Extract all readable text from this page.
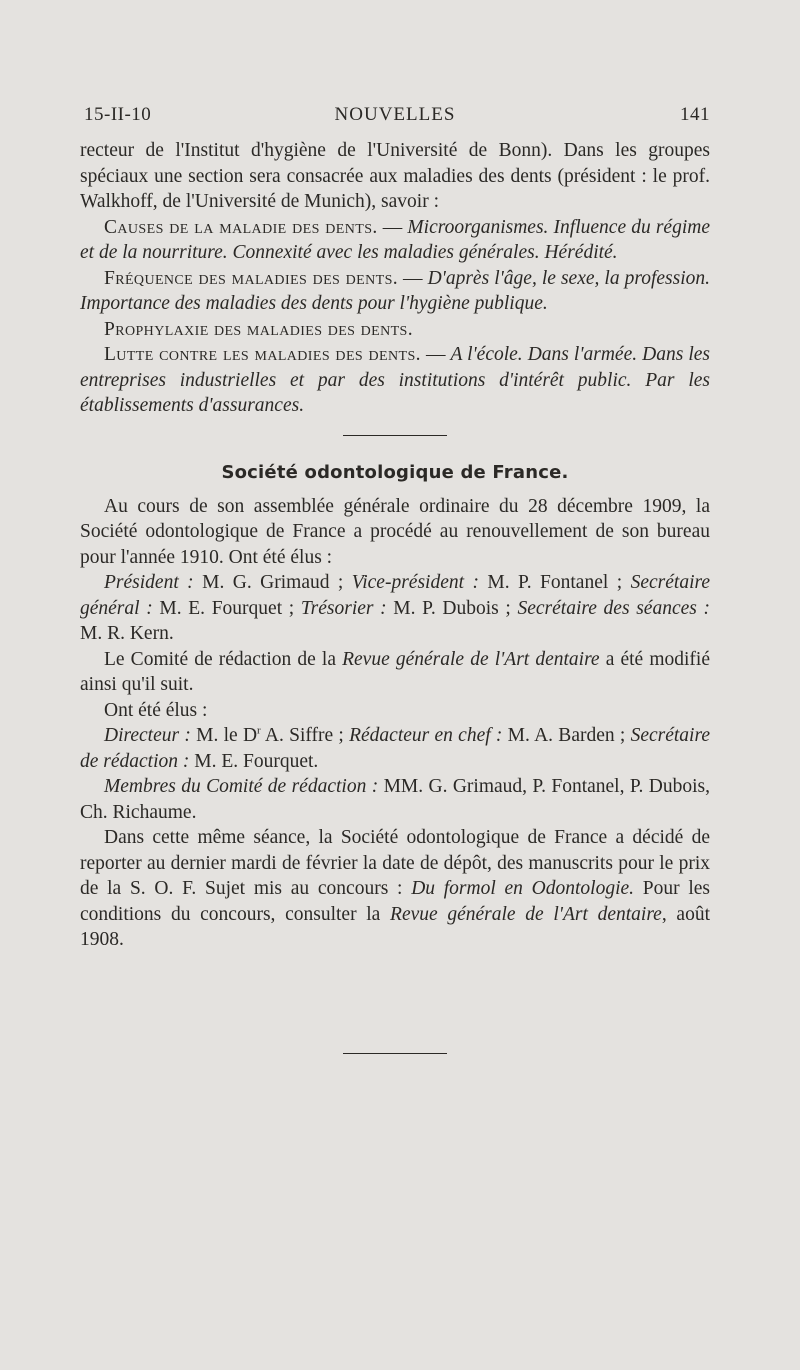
15-II-10	NOUVELLES	141

recteur de l'Institut d'hygiène de l'Université de Bonn). Dans les groupes spéciaux une section sera consacrée aux maladies des dents (président : le prof. Walkhoff, de l'Université de Munich), savoir :

Causes de la maladie des dents. — Microorganismes. Influence du régime et de la nourriture. Connexité avec les maladies générales. Hérédité.

Fréquence des maladies des dents. — D'après l'âge, le sexe, la profession. Importance des maladies des dents pour l'hygiène publique.

Prophylaxie des maladies des dents.

Lutte contre les maladies des dents. — A l'école. Dans l'armée. Dans les entreprises industrielles et par des institutions d'intérêt public. Par les établissements d'assurances.

Société odontologique de France.

Au cours de son assemblée générale ordinaire du 28 décembre 1909, la Société odontologique de France a procédé au renouvellement de son bureau pour l'année 1910. Ont été élus :

Président : M. G. Grimaud ; Vice-président : M. P. Fontanel ; Secrétaire général : M. E. Fourquet ; Trésorier : M. P. Dubois ; Secrétaire des séances : M. R. Kern.

Le Comité de rédaction de la Revue générale de l'Art dentaire a été modifié ainsi qu'il suit.

Ont été élus :

Directeur : M. le $D^r$ A. Siffre ; Rédacteur en chef : M. A. Barden ; Secrétaire de rédaction : M. E. Fourquet.

Membres du Comité de rédaction : MM. G. Grimaud, P. Fontanel, P. Dubois, Ch. Richaume.

Dans cette même séance, la Société odontologique de France a décidé de reporter au dernier mardi de février la date de dépôt, des manuscrits pour le prix de la S. O. F. Sujet mis au concours : Du formol en Odontologie. Pour les conditions du concours, consulter la Revue générale de l'Art dentaire, août 1908.
